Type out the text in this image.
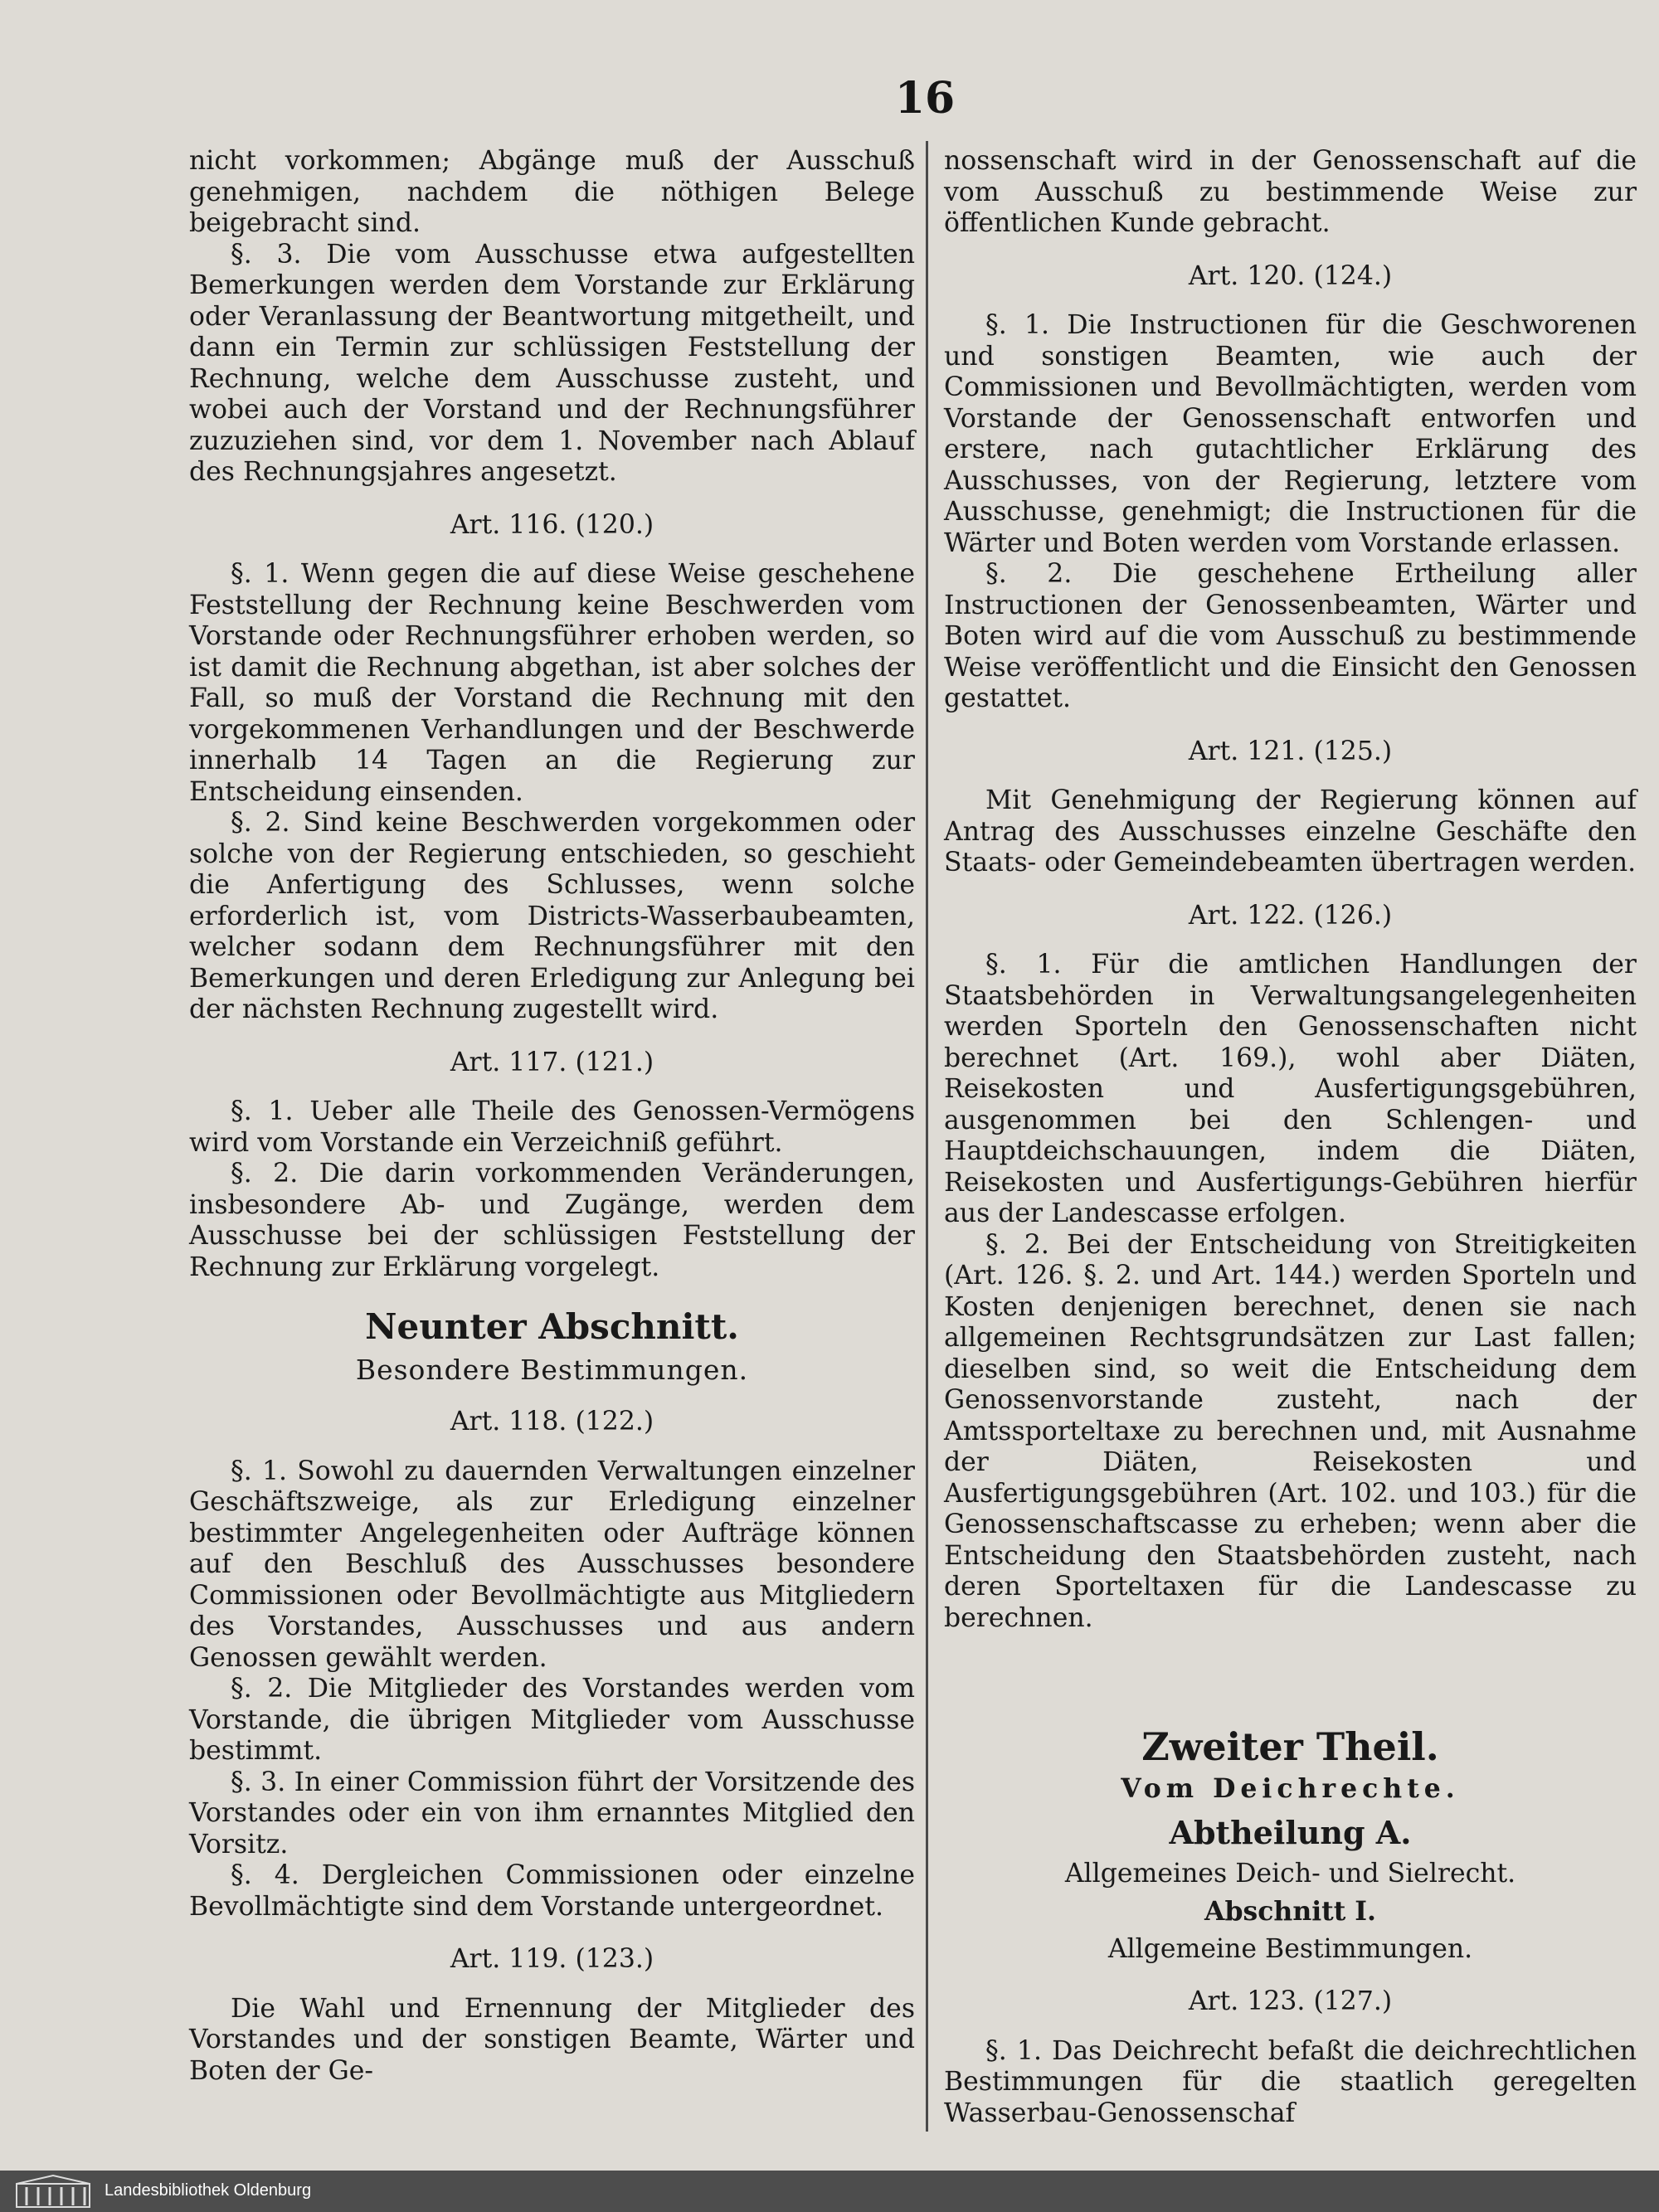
16

nicht vorkommen; Abgänge muß der Ausschuß genehmigen, nachdem die nöthigen Belege beigebracht sind.

§. 3. Die vom Ausschusse etwa aufgestellten Bemerkungen werden dem Vorstande zur Erklärung oder Veranlassung der Beantwortung mitgetheilt, und dann ein Termin zur schlüssigen Feststellung der Rechnung, welche dem Ausschusse zusteht, und wobei auch der Vorstand und der Rechnungsführer zuzuziehen sind, vor dem 1. November nach Ablauf des Rechnungsjahres angesetzt.

Art. 116. (120.)

§. 1. Wenn gegen die auf diese Weise geschehene Feststellung der Rechnung keine Beschwerden vom Vorstande oder Rechnungsführer erhoben werden, so ist damit die Rechnung abgethan, ist aber solches der Fall, so muß der Vorstand die Rechnung mit den vorgekommenen Verhandlungen und der Beschwerde innerhalb 14 Tagen an die Regierung zur Entscheidung einsenden.

§. 2. Sind keine Beschwerden vorgekommen oder solche von der Regierung entschieden, so geschieht die Anfertigung des Schlusses, wenn solche erforderlich ist, vom Districts-Wasserbaubeamten, welcher sodann dem Rechnungsführer mit den Bemerkungen und deren Erledigung zur Anlegung bei der nächsten Rechnung zugestellt wird.

Art. 117. (121.)

§. 1. Ueber alle Theile des Genossen-Vermögens wird vom Vorstande ein Verzeichniß geführt.

§. 2. Die darin vorkommenden Veränderungen, insbesondere Ab- und Zugänge, werden dem Ausschusse bei der schlüssigen Feststellung der Rechnung zur Erklärung vorgelegt.

Neunter Abschnitt.

Besondere Bestimmungen.

Art. 118. (122.)

§. 1. Sowohl zu dauernden Verwaltungen einzelner Geschäftszweige, als zur Erledigung einzelner bestimmter Angelegenheiten oder Aufträge können auf den Beschluß des Ausschusses besondere Commissionen oder Bevollmächtigte aus Mitgliedern des Vorstandes, Ausschusses und aus andern Genossen gewählt werden.

§. 2. Die Mitglieder des Vorstandes werden vom Vorstande, die übrigen Mitglieder vom Ausschusse bestimmt.

§. 3. In einer Commission führt der Vorsitzende des Vorstandes oder ein von ihm ernanntes Mitglied den Vorsitz.

§. 4. Dergleichen Commissionen oder einzelne Bevollmächtigte sind dem Vorstande untergeordnet.

Art. 119. (123.)

Die Wahl und Ernennung der Mitglieder des Vorstandes und der sonstigen Beamte, Wärter und Boten der Ge-

nossenschaft wird in der Genossenschaft auf die vom Ausschuß zu bestimmende Weise zur öffentlichen Kunde gebracht.

Art. 120. (124.)

§. 1. Die Instructionen für die Geschworenen und sonstigen Beamten, wie auch der Commissionen und Bevollmächtigten, werden vom Vorstande der Genossenschaft entworfen und erstere, nach gutachtlicher Erklärung des Ausschusses, von der Regierung, letztere vom Ausschusse, genehmigt; die Instructionen für die Wärter und Boten werden vom Vorstande erlassen.

§. 2. Die geschehene Ertheilung aller Instructionen der Genossenbeamten, Wärter und Boten wird auf die vom Ausschuß zu bestimmende Weise veröffentlicht und die Einsicht den Genossen gestattet.

Art. 121. (125.)

Mit Genehmigung der Regierung können auf Antrag des Ausschusses einzelne Geschäfte den Staats- oder Gemeindebeamten übertragen werden.

Art. 122. (126.)

§. 1. Für die amtlichen Handlungen der Staatsbehörden in Verwaltungsangelegenheiten werden Sporteln den Genossenschaften nicht berechnet (Art. 169.), wohl aber Diäten, Reisekosten und Ausfertigungsgebühren, ausgenommen bei den Schlengen- und Hauptdeichschauungen, indem die Diäten, Reisekosten und Ausfertigungs-Gebühren hierfür aus der Landescasse erfolgen.

§. 2. Bei der Entscheidung von Streitigkeiten (Art. 126. §. 2. und Art. 144.) werden Sporteln und Kosten denjenigen berechnet, denen sie nach allgemeinen Rechtsgrundsätzen zur Last fallen; dieselben sind, so weit die Entscheidung dem Genossenvorstande zusteht, nach der Amtssporteltaxe zu berechnen und, mit Ausnahme der Diäten, Reisekosten und Ausfertigungsgebühren (Art. 102. und 103.) für die Genossenschaftscasse zu erheben; wenn aber die Entscheidung den Staatsbehörden zusteht, nach deren Sporteltaxen für die Landescasse zu berechnen.

Zweiter Theil.

Vom Deichrechte.

Abtheilung A.

Allgemeines Deich- und Sielrecht.

Abschnitt I.

Allgemeine Bestimmungen.

Art. 123. (127.)

§. 1. Das Deichrecht befaßt die deichrechtlichen Bestimmungen für die staatlich geregelten Wasserbau-Genossenschaf

Landesbibliothek Oldenburg
